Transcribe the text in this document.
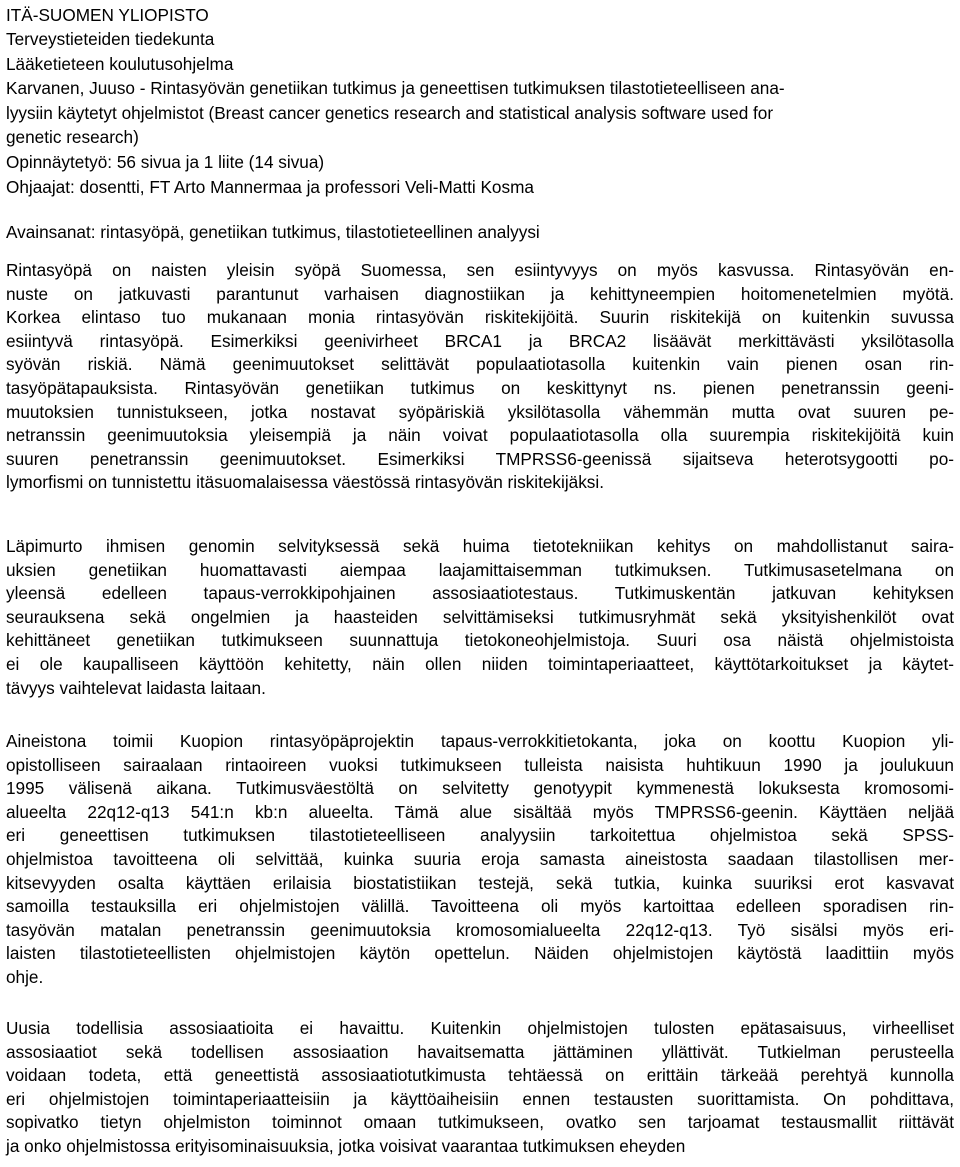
ITÄ-SUOMEN YLIOPISTO
Terveystieteiden tiedekunta
Lääketieteen koulutusohjelma
Karvanen, Juuso - Rintasyövän genetiikan tutkimus ja geneettisen tutkimuksen tilastotieteelliseen ana-
lyysiin käytetyt ohjelmistot (Breast cancer genetics research and statistical analysis software used for
genetic research)
Opinnäytetyö: 56 sivua ja 1 liite (14 sivua)
Ohjaajat: dosentti, FT Arto Mannermaa ja professori Veli-Matti Kosma
Avainsanat: rintasyöpä, genetiikan tutkimus, tilastotieteellinen analyysi
Rintasyöpä on naisten yleisin syöpä Suomessa, sen esiintyvyys on myös kasvussa. Rintasyövän en-
nuste on jatkuvasti parantunut varhaisen diagnostiikan ja kehittyneempien hoitomenetelmien myötä.
Korkea elintaso tuo mukanaan monia rintasyövän riskitekijöitä. Suurin riskitekijä on kuitenkin suvussa
esiintyvä rintasyöpä. Esimerkiksi geenivirheet BRCA1 ja BRCA2 lisäävät merkittävästi yksilötasolla
syövän riskiä. Nämä geenimuutokset selittävät populaatiotasolla kuitenkin vain pienen osan rin-
tasyöpätapauksista. Rintasyövän genetiikan tutkimus on keskittynyt ns. pienen penetranssin geeni-
muutoksien tunnistukseen, jotka nostavat syöpäriskiä yksilötasolla vähemmän mutta ovat suuren pe-
netranssin geenimuutoksia yleisempiä ja näin voivat populaatiotasolla olla suurempia riskitekijöitä kuin
suuren penetranssin geenimuutokset. Esimerkiksi TMPRSS6-geenissä sijaitseva heterotsygootti po-
lymorfismi on tunnistettu itäsuomalaisessa väestössä rintasyövän riskitekijäksi.
Läpimurto ihmisen genomin selvityksessä sekä huima tietotekniikan kehitys on mahdollistanut saira-
uksien genetiikan huomattavasti aiempaa laajamittaisemman tutkimuksen. Tutkimusasetelmana on
yleensä edelleen tapaus-verrokkipohjainen assosiaatiotestaus. Tutkimuskentän jatkuvan kehityksen
seurauksena sekä ongelmien ja haasteiden selvittämiseksi tutkimusryhmät sekä yksityishenkilöt ovat
kehittäneet genetiikan tutkimukseen suunnattuja tietokoneohjelmistoja. Suuri osa näistä ohjelmistoista
ei ole kaupalliseen käyttöön kehitetty, näin ollen niiden toimintaperiaatteet, käyttötarkoitukset ja käytet-
tävyys vaihtelevat laidasta laitaan.
Aineistona toimii Kuopion rintasyöpäprojektin tapaus-verrokkitietokanta, joka on koottu Kuopion yli-
opistolliseen sairaalaan rintaoireen vuoksi tutkimukseen tulleista naisista huhtikuun 1990 ja joulukuun
1995 välisenä aikana. Tutkimusväestöltä on selvitetty genotyypit kymmenestä lokuksesta kromosomi-
alueelta 22q12-q13 541:n kb:n alueelta. Tämä alue sisältää myös TMPRSS6-geenin. Käyttäen neljää
eri geneettisen tutkimuksen tilastotieteelliseen analyysiin tarkoitettua ohjelmistoa sekä SPSS-
ohjelmistoa tavoitteena oli selvittää, kuinka suuria eroja samasta aineistosta saadaan tilastollisen mer-
kitsevyyden osalta käyttäen erilaisia biostatistiikan testejä, sekä tutkia, kuinka suuriksi erot kasvavat
samoilla testauksilla eri ohjelmistojen välillä. Tavoitteena oli myös kartoittaa edelleen sporadisen rin-
tasyövän matalan penetranssin geenimuutoksia kromosomialueelta 22q12-q13. Työ sisälsi myös eri-
laisten tilastotieteellisten ohjelmistojen käytön opettelun. Näiden ohjelmistojen käytöstä laadittiin myös
ohje.
Uusia todellisia assosiaatioita ei havaittu. Kuitenkin ohjelmistojen tulosten epätasaisuus, virheelliset
assosiaatiot sekä todellisen assosiaation havaitsematta jättäminen yllättivät. Tutkielman perusteella
voidaan todeta, että geneettistä assosiaatiotutkimusta tehtäessä on erittäin tärkeää perehtyä kunnolla
eri ohjelmistojen toimintaperiaatteisiin ja käyttöaiheisiin ennen testausten suorittamista. On pohdittava,
sopivatko tietyn ohjelmiston toiminnot omaan tutkimukseen, ovatko sen tarjoamat testausmallit riittävät
ja onko ohjelmistossa erityisominaisuuksia, jotka voisivat vaarantaa tutkimuksen eheyden
